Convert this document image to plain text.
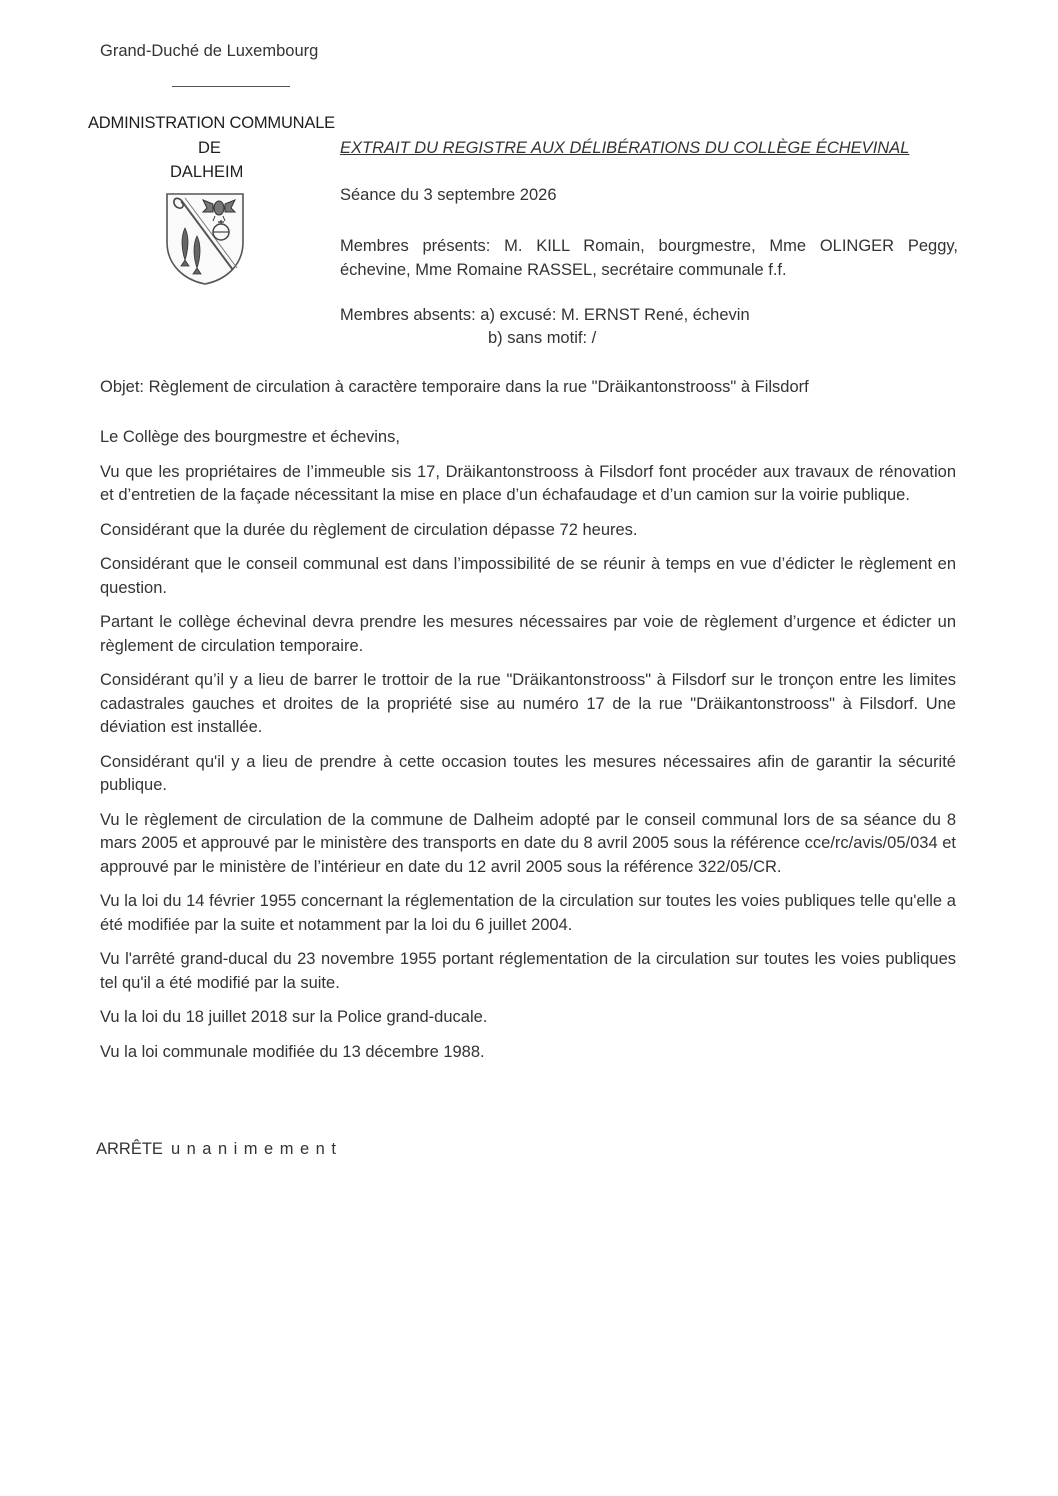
Grand-Duché de Luxembourg
ADMINISTRATION COMMUNALE
DE
DALHEIM
EXTRAIT DU REGISTRE AUX DÉLIBÉRATIONS DU COLLÈGE ÉCHEVINAL
Séance du 3 septembre 2026
Membres présents: M. KILL Romain, bourgmestre, Mme OLINGER Peggy, échevine, Mme Romaine RASSEL, secrétaire communale f.f.
Membres absents: a) excusé: M. ERNST René, échevin
b) sans motif: /
Objet: Règlement de circulation à caractère temporaire dans la rue "Dräikantonstrooss" à Filsdorf

Le Collège des bourgmestre et échevins,

Vu que les propriétaires de l’immeuble sis 17, Dräikantonstrooss à Filsdorf font procéder aux travaux de rénovation et d’entretien de la façade nécessitant la mise en place d’un échafaudage et d’un camion sur la voirie publique.

Considérant que la durée du règlement de circulation dépasse 72 heures.

Considérant que le conseil communal est dans l’impossibilité de se réunir à temps en vue d’édicter le règlement en question.

Partant le collège échevinal devra prendre les mesures nécessaires par voie de règlement d’urgence et édicter un règlement de circulation temporaire.

Considérant qu’il y a lieu de barrer le trottoir de la rue "Dräikantonstrooss" à Filsdorf sur le tronçon entre les limites cadastrales gauches et droites de la propriété sise au numéro 17 de la rue "Dräikantonstrooss" à Filsdorf. Une déviation est installée.

Considérant qu'il y a lieu de prendre à cette occasion toutes les mesures nécessaires afin de garantir la sécurité publique.

Vu le règlement de circulation de la commune de Dalheim adopté par le conseil communal lors de sa séance du 8 mars 2005 et approuvé par le ministère des transports en date du 8 avril 2005 sous la référence cce/rc/avis/05/034 et approuvé par le ministère de l’intérieur en date du 12 avril 2005 sous la référence 322/05/CR.

Vu la loi du 14 février 1955 concernant la réglementation de la circulation sur toutes les voies publiques telle qu'elle a été modifiée par la suite et notamment par la loi du 6 juillet 2004.

Vu l'arrêté grand-ducal du 23 novembre 1955 portant réglementation de la circulation sur toutes les voies publiques tel qu'il a été modifié par la suite.

Vu la loi du 18 juillet 2018 sur la Police grand-ducale.

Vu la loi communale modifiée du 13 décembre 1988.

ARRÊTE unanimement
